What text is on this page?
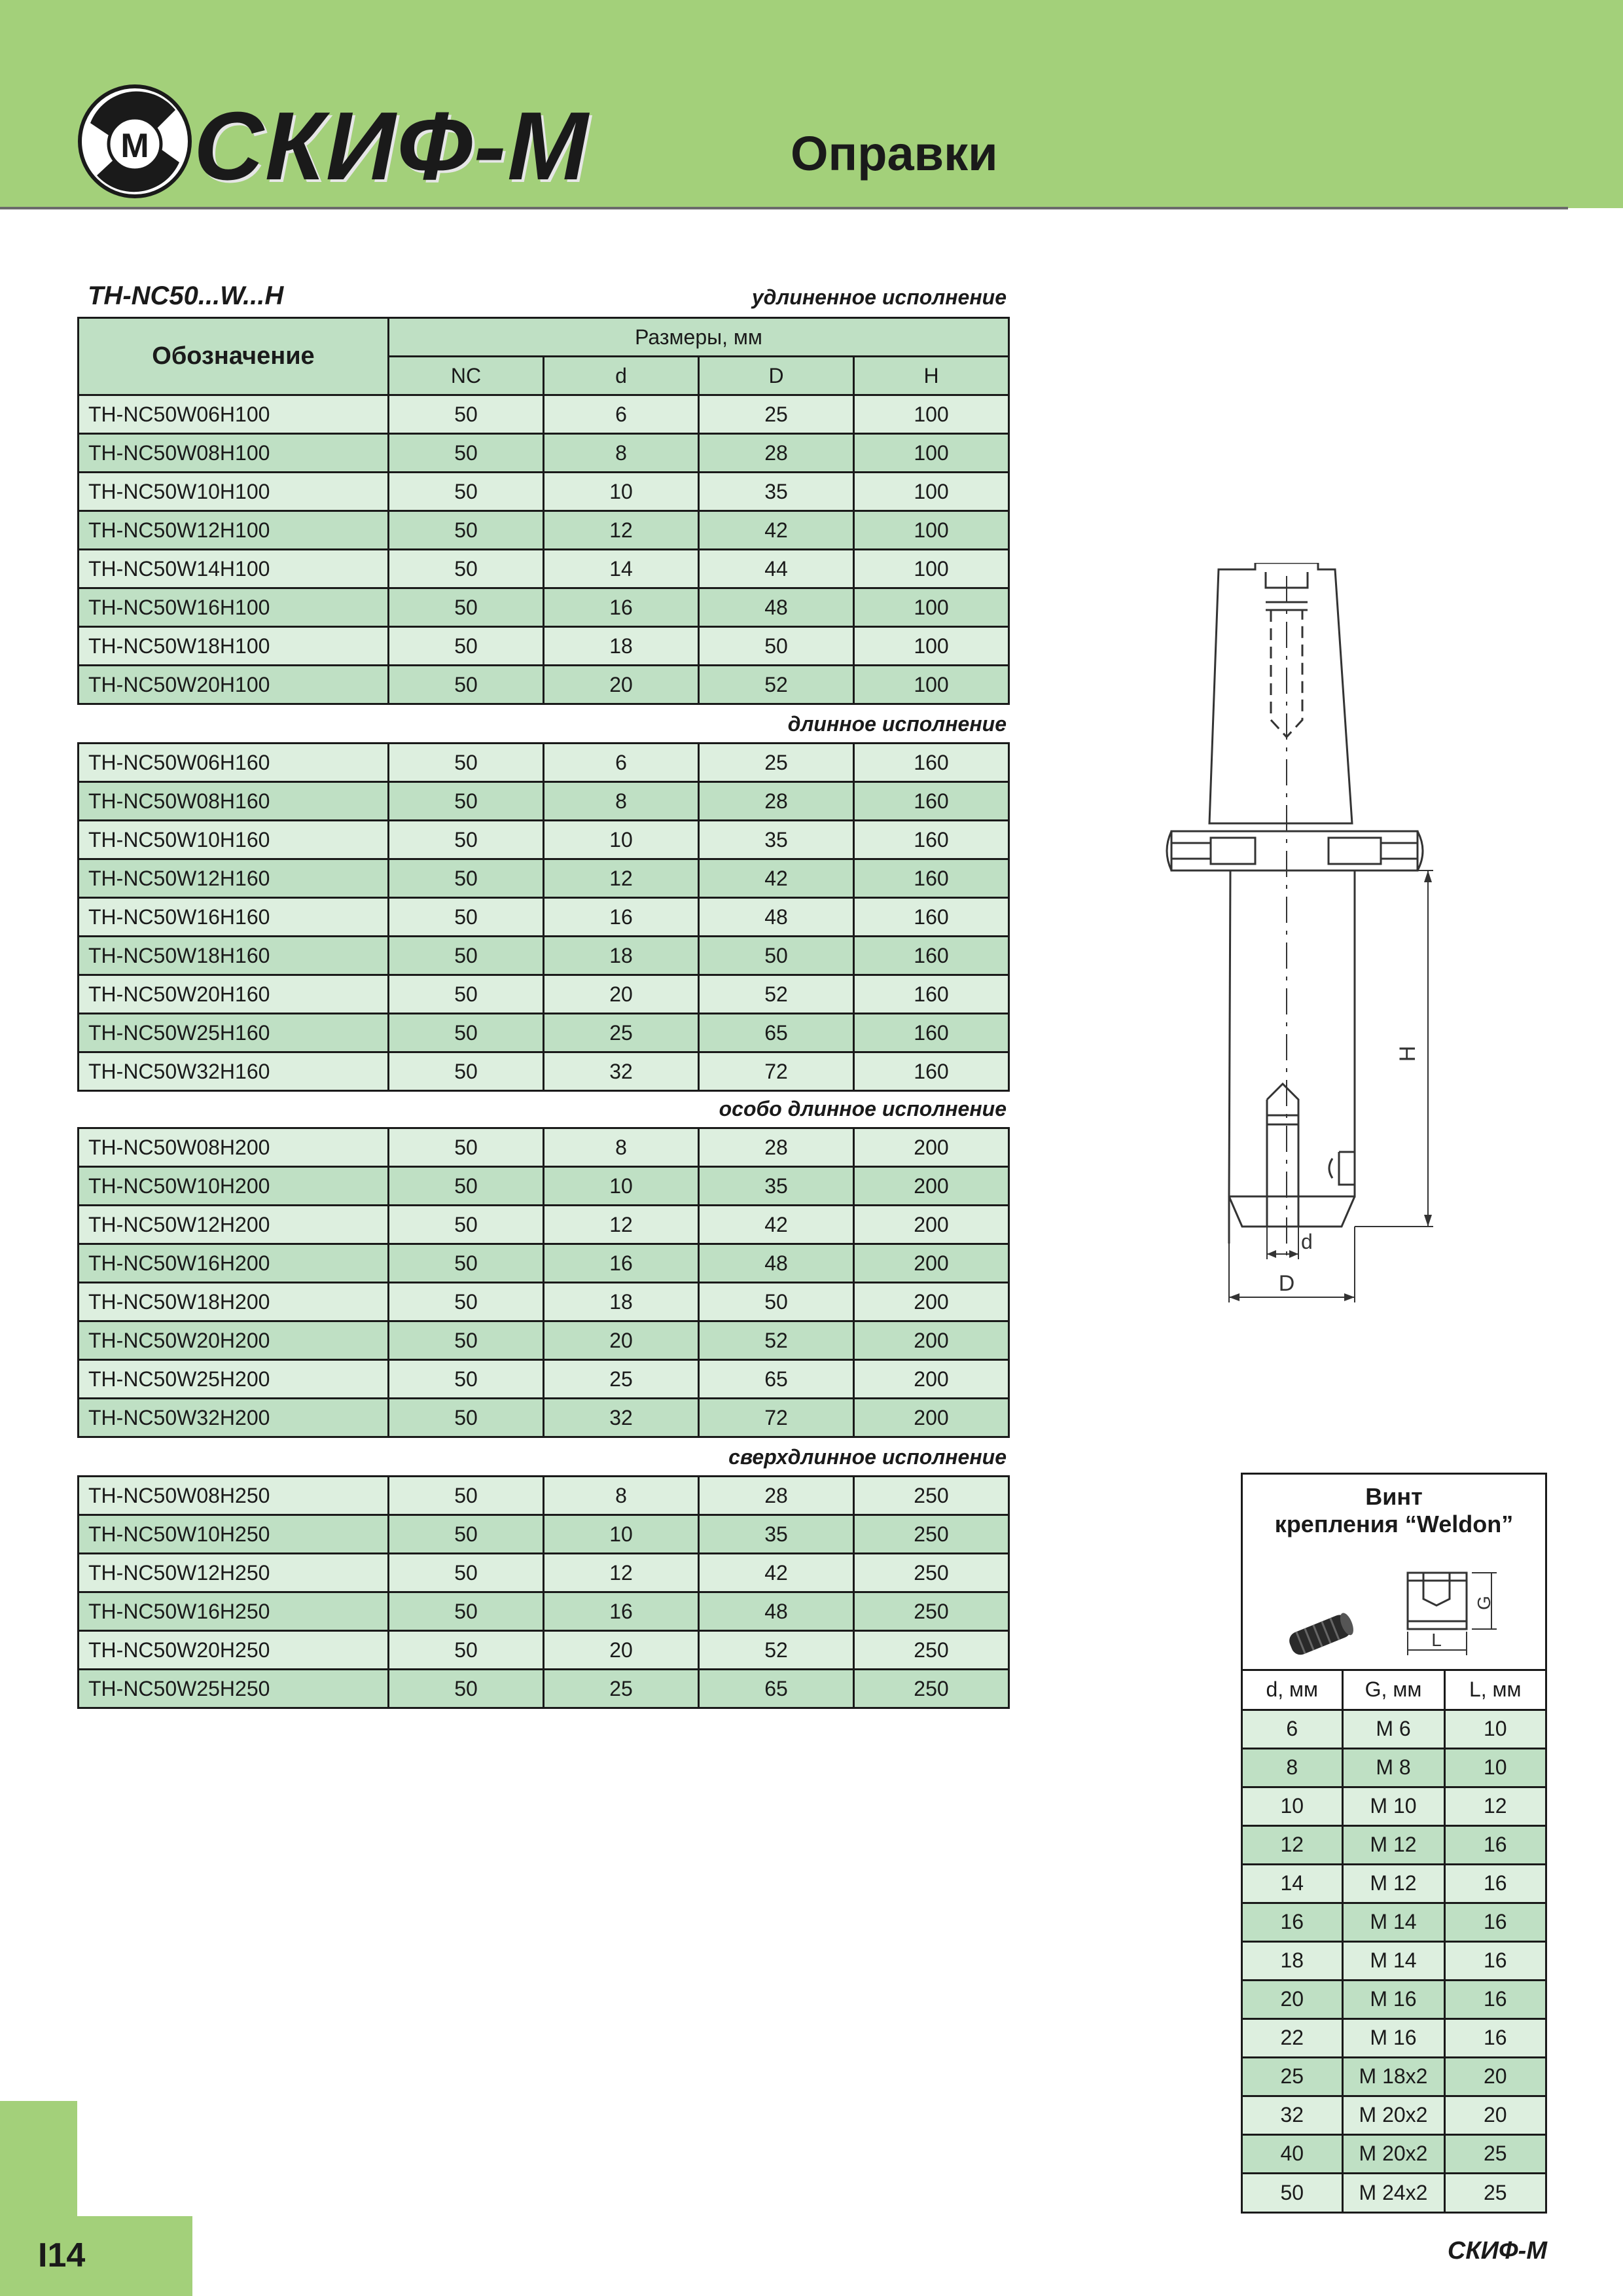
М СКИФ-М	Оправки
TH-NC50...W...H	удлиненное исполнение
длинное исполнение
особо длинное исполнение
сверхдлинное исполнение
Обозначение	Размеры, мм			
	NC	d	D	H
TH-NC50W06H100	50	6	25	100
TH-NC50W08H100	50	8	28	100
TH-NC50W10H100	50	10	35	100
TH-NC50W12H100	50	12	42	100
TH-NC50W14H100	50	14	44	100
TH-NC50W16H100	50	16	48	100
TH-NC50W18H100	50	18	50	100
TH-NC50W20H100	50	20	52	100
TH-NC50W06H160	50	6	25	160
TH-NC50W08H160	50	8	28	160
TH-NC50W10H160	50	10	35	160
TH-NC50W12H160	50	12	42	160
TH-NC50W16H160	50	16	48	160
TH-NC50W18H160	50	18	50	160
TH-NC50W20H160	50	20	52	160
TH-NC50W25H160	50	25	65	160
TH-NC50W32H160	50	32	72	160
TH-NC50W08H200	50	8	28	200
TH-NC50W10H200	50	10	35	200
TH-NC50W12H200	50	12	42	200
TH-NC50W16H200	50	16	48	200
TH-NC50W18H200	50	18	50	200
TH-NC50W20H200	50	20	52	200
TH-NC50W25H200	50	25	65	200
TH-NC50W32H200	50	32	72	200
TH-NC50W08H250	50	8	28	250
TH-NC50W10H250	50	10	35	250
TH-NC50W12H250	50	12	42	250
TH-NC50W16H250	50	16	48	250
TH-NC50W20H250	50	20	52	250
TH-NC50W25H250	50	25	65	250
H
d
D
Винт
крепления “Weldon”
G
L
d, мм	G, мм	L, мм
6	M 6	10
8	M 8	10
10	M 10	12
12	M 12	16
14	M 12	16
16	M 14	16
18	M 14	16
20	M 16	16
22	M 16	16
25	M 18x2	20
32	M 20x2	20
40	M 20x2	25
50	M 24x2	25
I14	СКИФ-М
